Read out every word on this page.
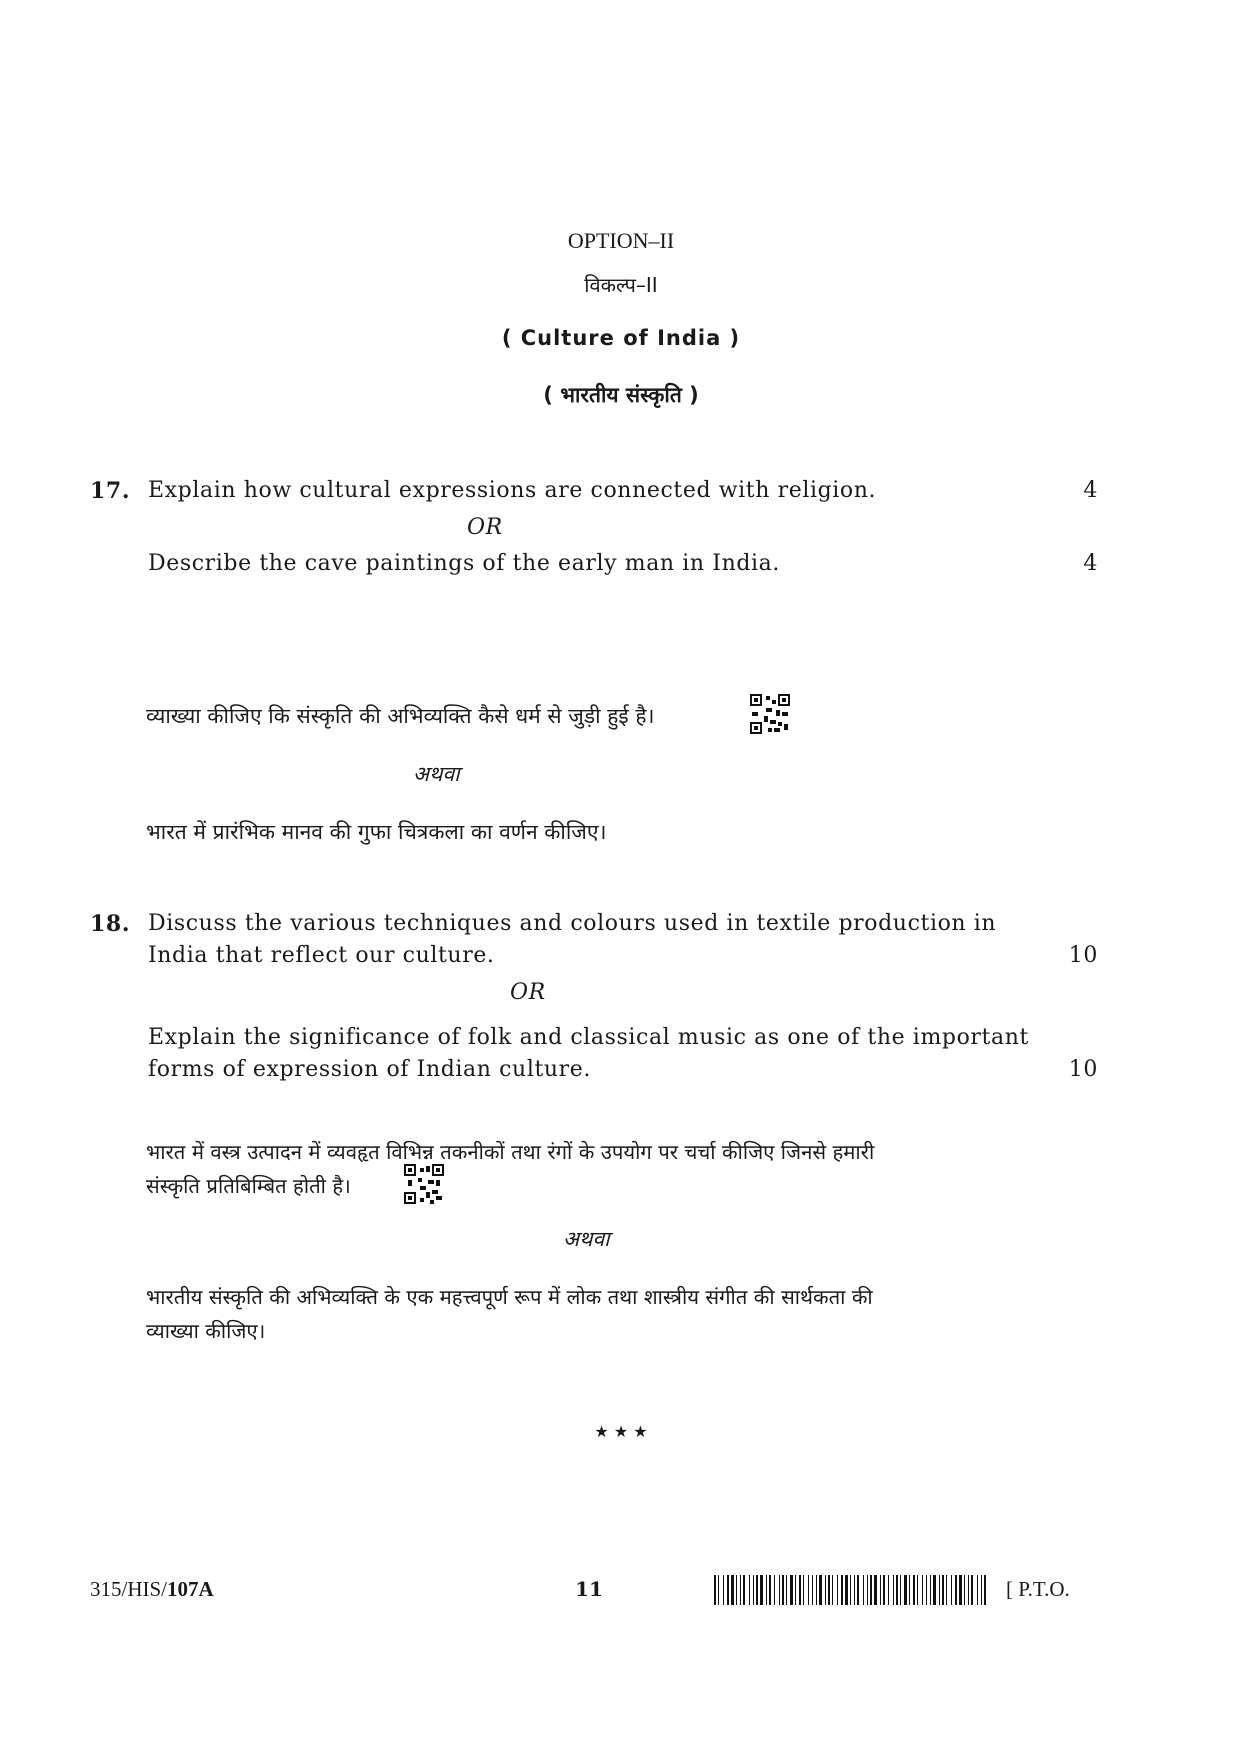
OPTION–II
विकल्प–II
( Culture of India )
( भारतीय संस्कृति )
17. Explain how cultural expressions are connected with religion.	4
OR
Describe the cave paintings of the early man in India.	4
व्याख्या कीजिए कि संस्कृति की अभिव्यक्ति कैसे धर्म से जुड़ी हुई है।
अथवा
भारत में प्रारंभिक मानव की गुफा चित्रकला का वर्णन कीजिए।
18. Discuss the various techniques and colours used in textile production in
India that reflect our culture.	10
OR
Explain the significance of folk and classical music as one of the important
forms of expression of Indian culture.	10
भारत में वस्त्र उत्पादन में व्यवहृत विभिन्न तकनीकों तथा रंगों के उपयोग पर चर्चा कीजिए जिनसे हमारी
संस्कृति प्रतिबिम्बित होती है।
अथवा
भारतीय संस्कृति की अभिव्यक्ति के एक महत्त्वपूर्ण रूप में लोक तथा शास्त्रीय संगीत की सार्थकता की
व्याख्या कीजिए।
★ ★ ★
315/HIS/107A	11	[ P.T.O.
